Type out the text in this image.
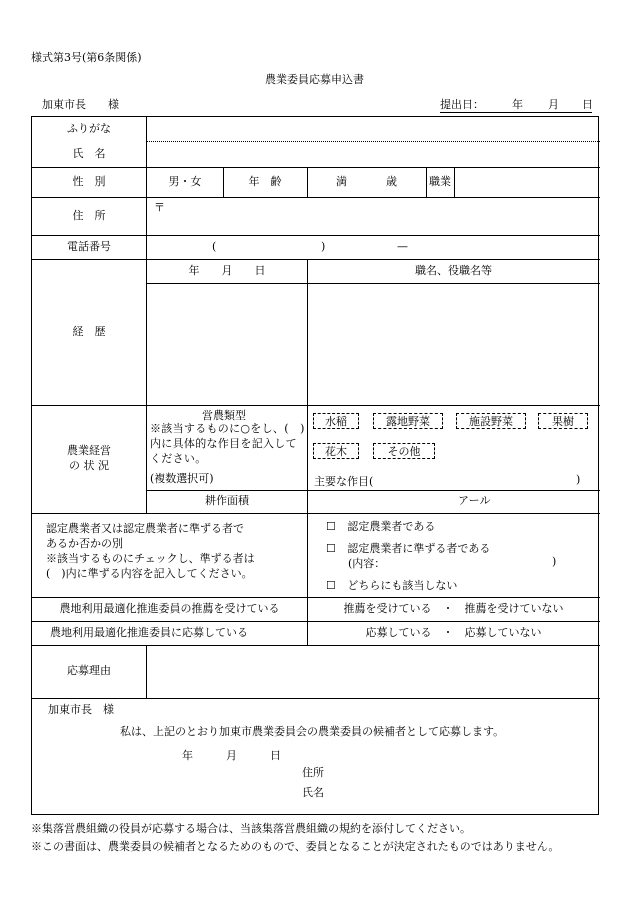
様式第3号(第6条関係)
農業委員応募申込書
加東市長　　様	提出日：	年 月 日
ふりがな
氏　名
性　別	男・女	年　齢	満	歳	職業
住　所
〒
電話番号	(	)	—
経　歴
年　　月　　日	職名、役職名等
農業経営
の 状 況
営農類型
※該当するものに○をし、(　)内に具体的な作目を記入してください。
(複数選択可)
水稲	露地野菜	施設野菜	果樹
花木	その他
主要な作目(	)
耕作面積	アール
認定農業者又は認定農業者に準ずる者で
あるか否かの別
※該当するものにチェックし、準ずる者は
(　)内に準ずる内容を記入してください。
☐ 認定農業者である
☐ 認定農業者に準ずる者である
(内容：	)
☐ どちらにも該当しない
農地利用最適化推進委員の推薦を受けている	推薦を受けている　・　推薦を受けていない
農地利用最適化推進委員に応募している	応募している　・　応募していない
応募理由
加東市長　様
私は、上記のとおり加東市農業委員会の農業委員の候補者として応募します。
年　　　月　　　日
住所
氏名
※集落営農組織の役員が応募する場合は、当該集落営農組織の規約を添付してください。
※この書面は、農業委員の候補者となるためのもので、委員となることが決定されたものではありません。
